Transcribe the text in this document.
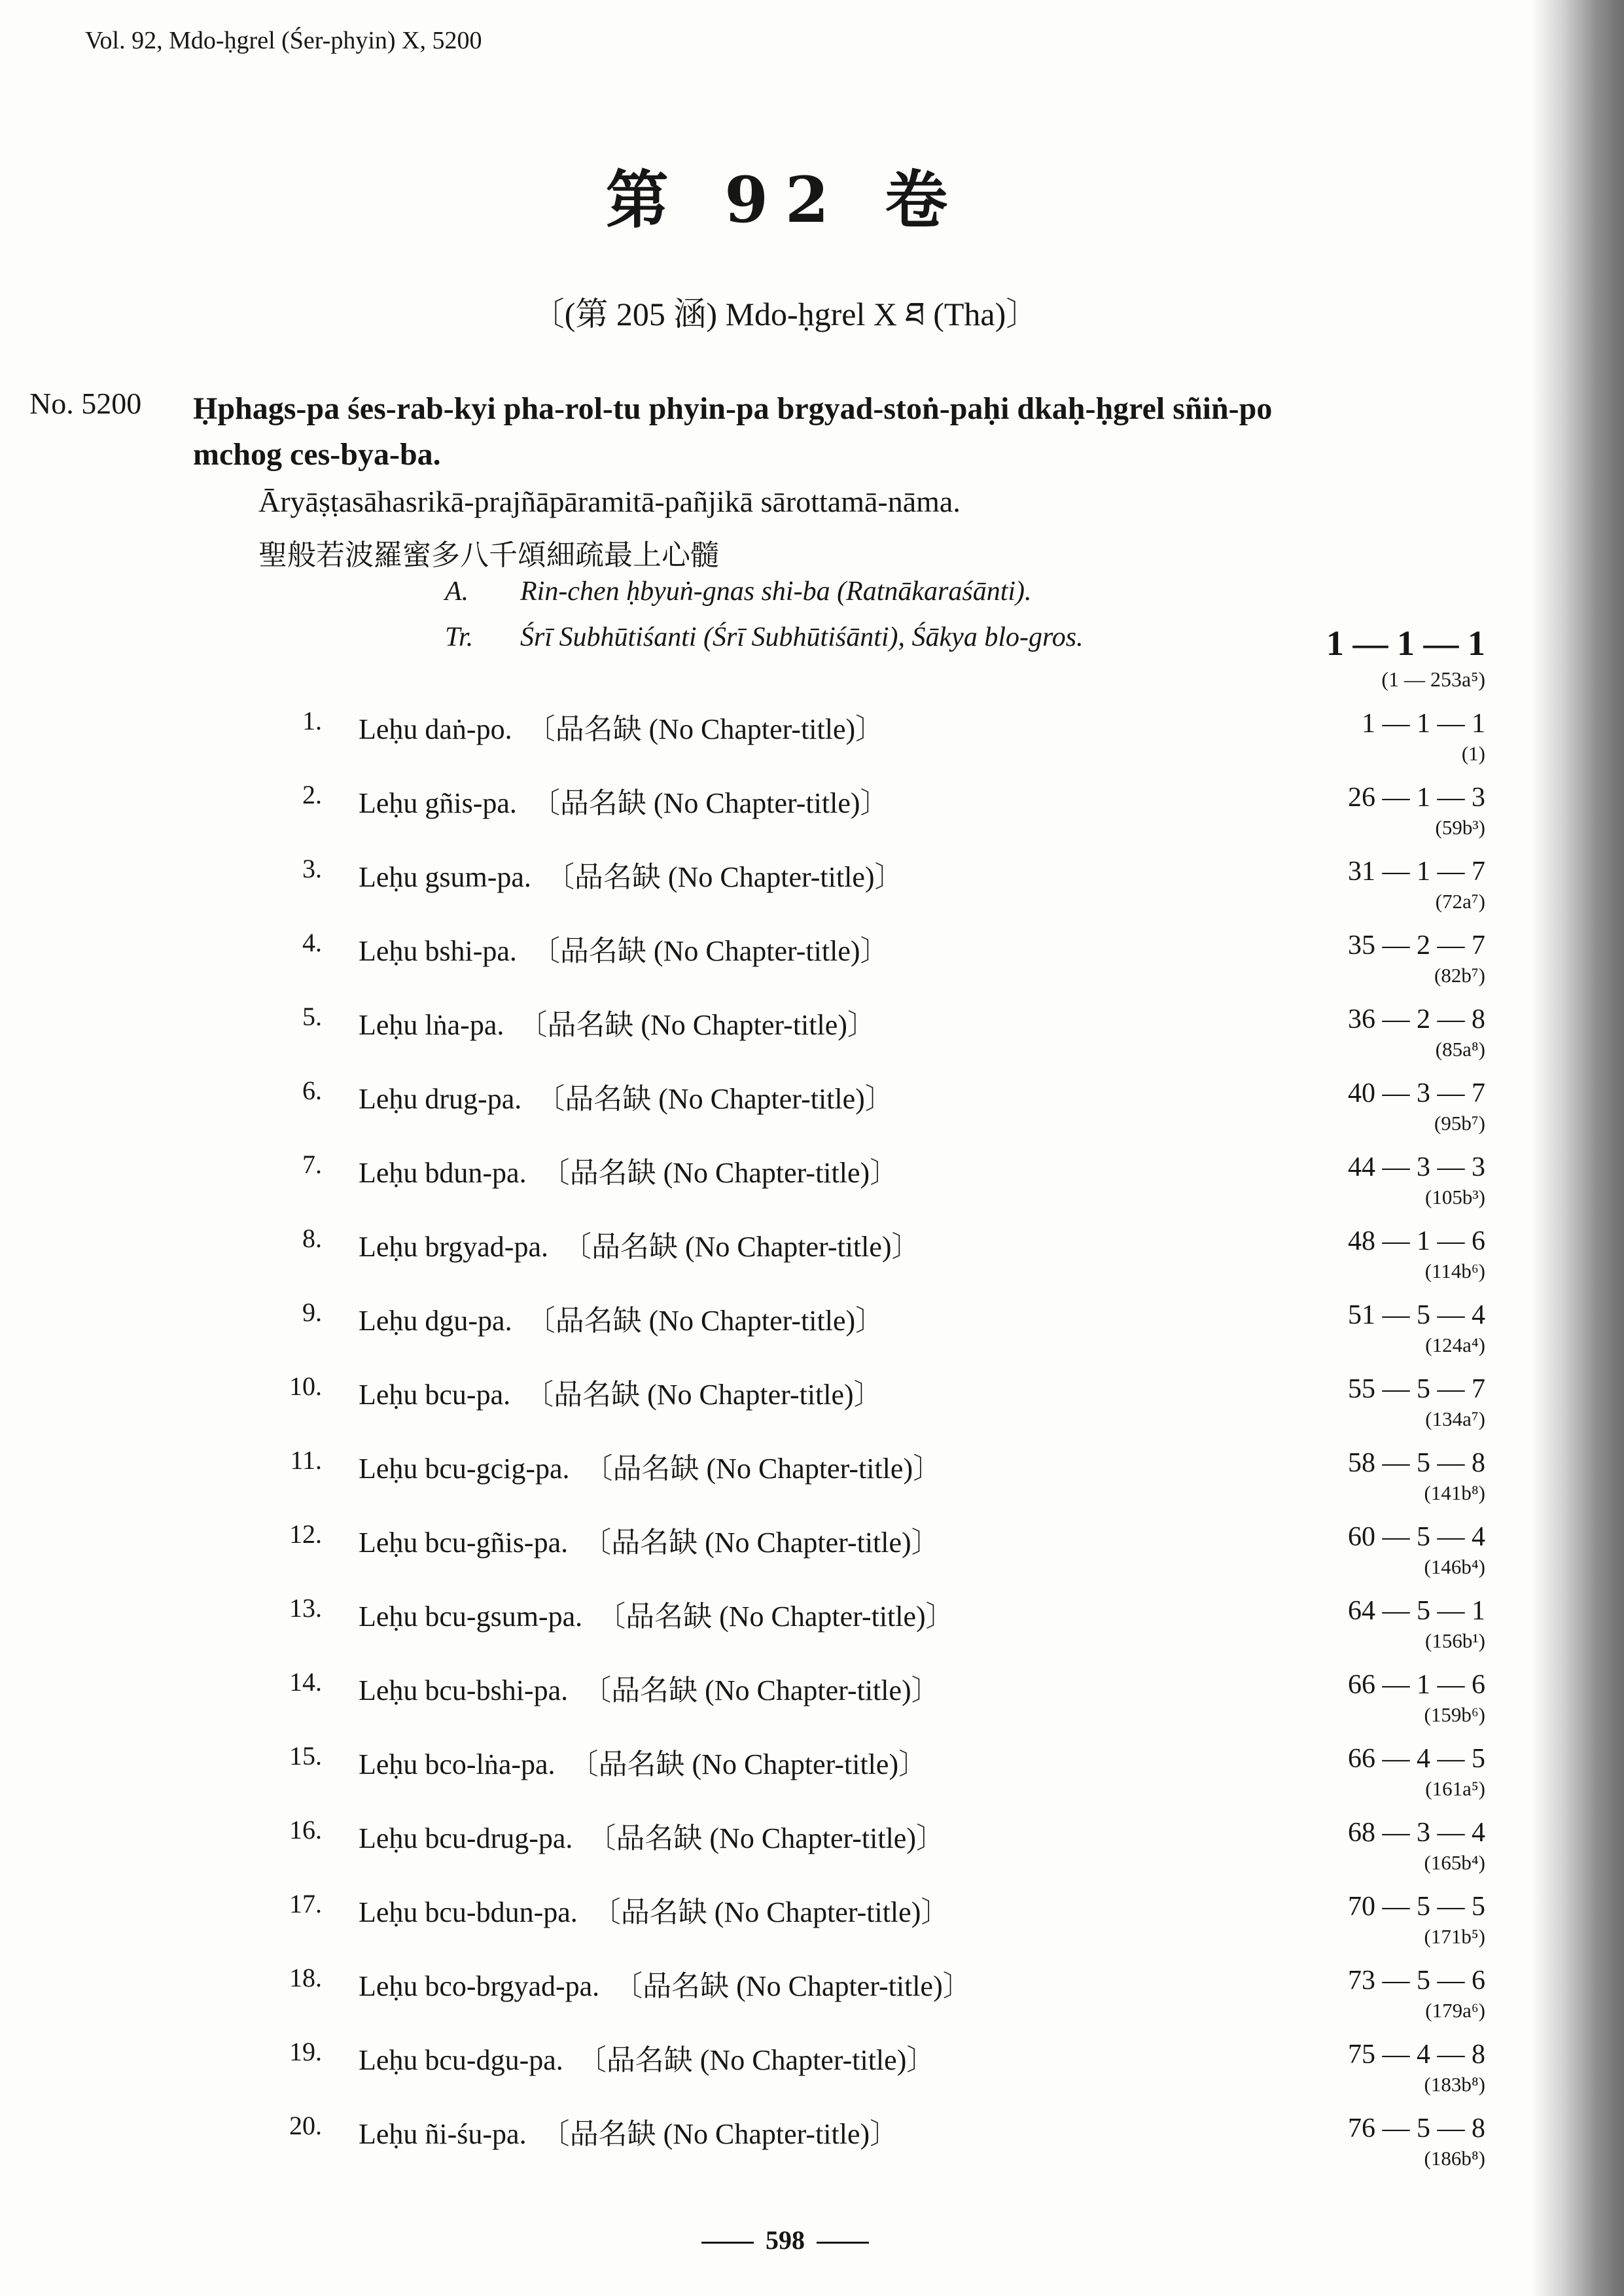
Vol. 92, Mdo-ḥgrel (Śer-phyin) X, 5200
第 92 卷
〔(第 205 涵) Mdo-ḥgrel X ཐ (Tha)〕
No. 5200 Ḥphags-pa śes-rab-kyi pha-rol-tu phyin-pa brgyad-stoṅ-paḥi dkaḥ-ḥgrel sñiṅ-po mchog ces-bya-ba.
Āryāṣṭasāhasrikā-prajñāpāramitā-pañjikā sārottamā-nāma.
聖般若波羅蜜多八千頌細疏最上心髓
A. Rin-chen ḥbyuṅ-gnas shi-ba (Ratnākaraśānti).
Tr. Śrī Subhūtiśanti (Śrī Subhūtiśānti), Śākya blo-gros.	1 — 1 — 1
(1 — 253a⁵)
1. Leḥu daṅ-po. 〔品名缺 (No Chapter-title)〕	1 — 1 — 1
(1)
2. Leḥu gñis-pa. 〔品名缺 (No Chapter-title)〕	26 — 1 — 3
(59b³)
3. Leḥu gsum-pa. 〔品名缺 (No Chapter-title)〕	31 — 1 — 7
(72a⁷)
4. Leḥu bshi-pa. 〔品名缺 (No Chapter-title)〕	35 — 2 — 7
(82b⁷)
5. Leḥu lṅa-pa. 〔品名缺 (No Chapter-title)〕	36 — 2 — 8
(85a⁸)
6. Leḥu drug-pa. 〔品名缺 (No Chapter-title)〕	40 — 3 — 7
(95b⁷)
7. Leḥu bdun-pa. 〔品名缺 (No Chapter-title)〕	44 — 3 — 3
(105b³)
8. Leḥu brgyad-pa. 〔品名缺 (No Chapter-title)〕	48 — 1 — 6
(114b⁶)
9. Leḥu dgu-pa. 〔品名缺 (No Chapter-title)〕	51 — 5 — 4
(124a⁴)
10. Leḥu bcu-pa. 〔品名缺 (No Chapter-title)〕	55 — 5 — 7
(134a⁷)
11. Leḥu bcu-gcig-pa. 〔品名缺 (No Chapter-title)〕	58 — 5 — 8
(141b⁸)
12. Leḥu bcu-gñis-pa. 〔品名缺 (No Chapter-title)〕	60 — 5 — 4
(146b⁴)
13. Leḥu bcu-gsum-pa. 〔品名缺 (No Chapter-title)〕	64 — 5 — 1
(156b¹)
14. Leḥu bcu-bshi-pa. 〔品名缺 (No Chapter-title)〕	66 — 1 — 6
(159b⁶)
15. Leḥu bco-lṅa-pa. 〔品名缺 (No Chapter-title)〕	66 — 4 — 5
(161a⁵)
16. Leḥu bcu-drug-pa. 〔品名缺 (No Chapter-title)〕	68 — 3 — 4
(165b⁴)
17. Leḥu bcu-bdun-pa. 〔品名缺 (No Chapter-title)〕	70 — 5 — 5
(171b⁵)
18. Leḥu bco-brgyad-pa. 〔品名缺 (No Chapter-title)〕	73 — 5 — 6
(179a⁶)
19. Leḥu bcu-dgu-pa. 〔品名缺 (No Chapter-title)〕	75 — 4 — 8
(183b⁸)
20. Leḥu ñi-śu-pa. 〔品名缺 (No Chapter-title)〕	76 — 5 — 8
(186b⁸)
598
